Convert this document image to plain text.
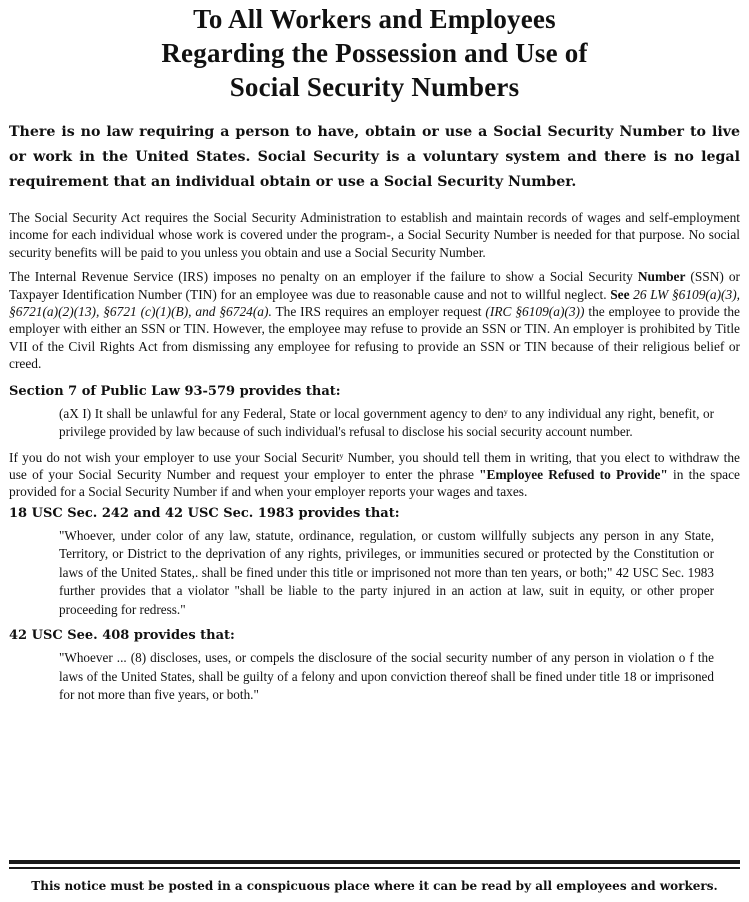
To All Workers and Employees
Regarding the Possession and Use of
Social Security Numbers

There is no law requiring a person to have, obtain or use a Social Security Number to live or work in the United States. Social Security is a voluntary system and there is no legal requirement that an individual obtain or use a Social Security Number.

The Social Security Act requires the Social Security Administration to establish and maintain records of wages and self-employment income for each individual whose work is covered under the program-, a Social Security Number is needed for that purpose. No social security benefits will be paid to you unless you obtain and use a Social Security Number.

The Internal Revenue Service (IRS) imposes no penalty on an employer if the failure to show a Social Security Number (SSN) or Taxpayer Identification Number (TIN) for an employee was due to reasonable cause and not to willful neglect. See 26 LW §6109(a)(3), §6721(a)(2)(13), §6721 (c)(1)(B), and §6724(a). The IRS requires an employer request (IRC §6109(a)(3)) the employee to provide the employer with either an SSN or TIN. However, the employee may refuse to provide an SSN or TIN. An employer is prohibited by Title VII of the Civil Rights Act from dismissing any employee for refusing to provide an SSN or TIN because of their religious belief or creed.

Section 7 of Public Law 93-579 provides that:

(aX I) It shall be unlawful for any Federal, State or local government agency to denʸ to any individual any right, benefit, or privilege provided by law because of such individual's refusal to disclose his social security account number.

If you do not wish your employer to use your Social Securitʸ Number, you should tell them in writing, that you elect to withdraw the use of your Social Security Number and request your employer to enter the phrase "Employee Refused to Provide" in the space provided for a Social Security Number if and when your employer reports your wages and taxes.

18 USC Sec. 242 and 42 USC Sec. 1983 provides that:

"Whoever, under color of any law, statute, ordinance, regulation, or custom willfully subjects any person in any State, Territory, or District to the deprivation of any rights, privileges, or immunities secured or protected by the Constitution or laws of the United States,. shall be fined under this title or imprisoned not more than ten years, or both;" 42 USC Sec. 1983 further provides that a violator "shall be liable to the party injured in an action at law, suit in equity, or other proper proceeding for redress."

42 USC See. 408 provides that:

"Whoever ... (8) discloses, uses, or compels the disclosure of the social security number of any person in violation o f the laws of the United States, shall be guilty of a felony and upon conviction thereof shall be fined under title 18 or imprisoned for not more than five years, or both."

This notice must be posted in a conspicuous place where it can be read by all employees and workers.
